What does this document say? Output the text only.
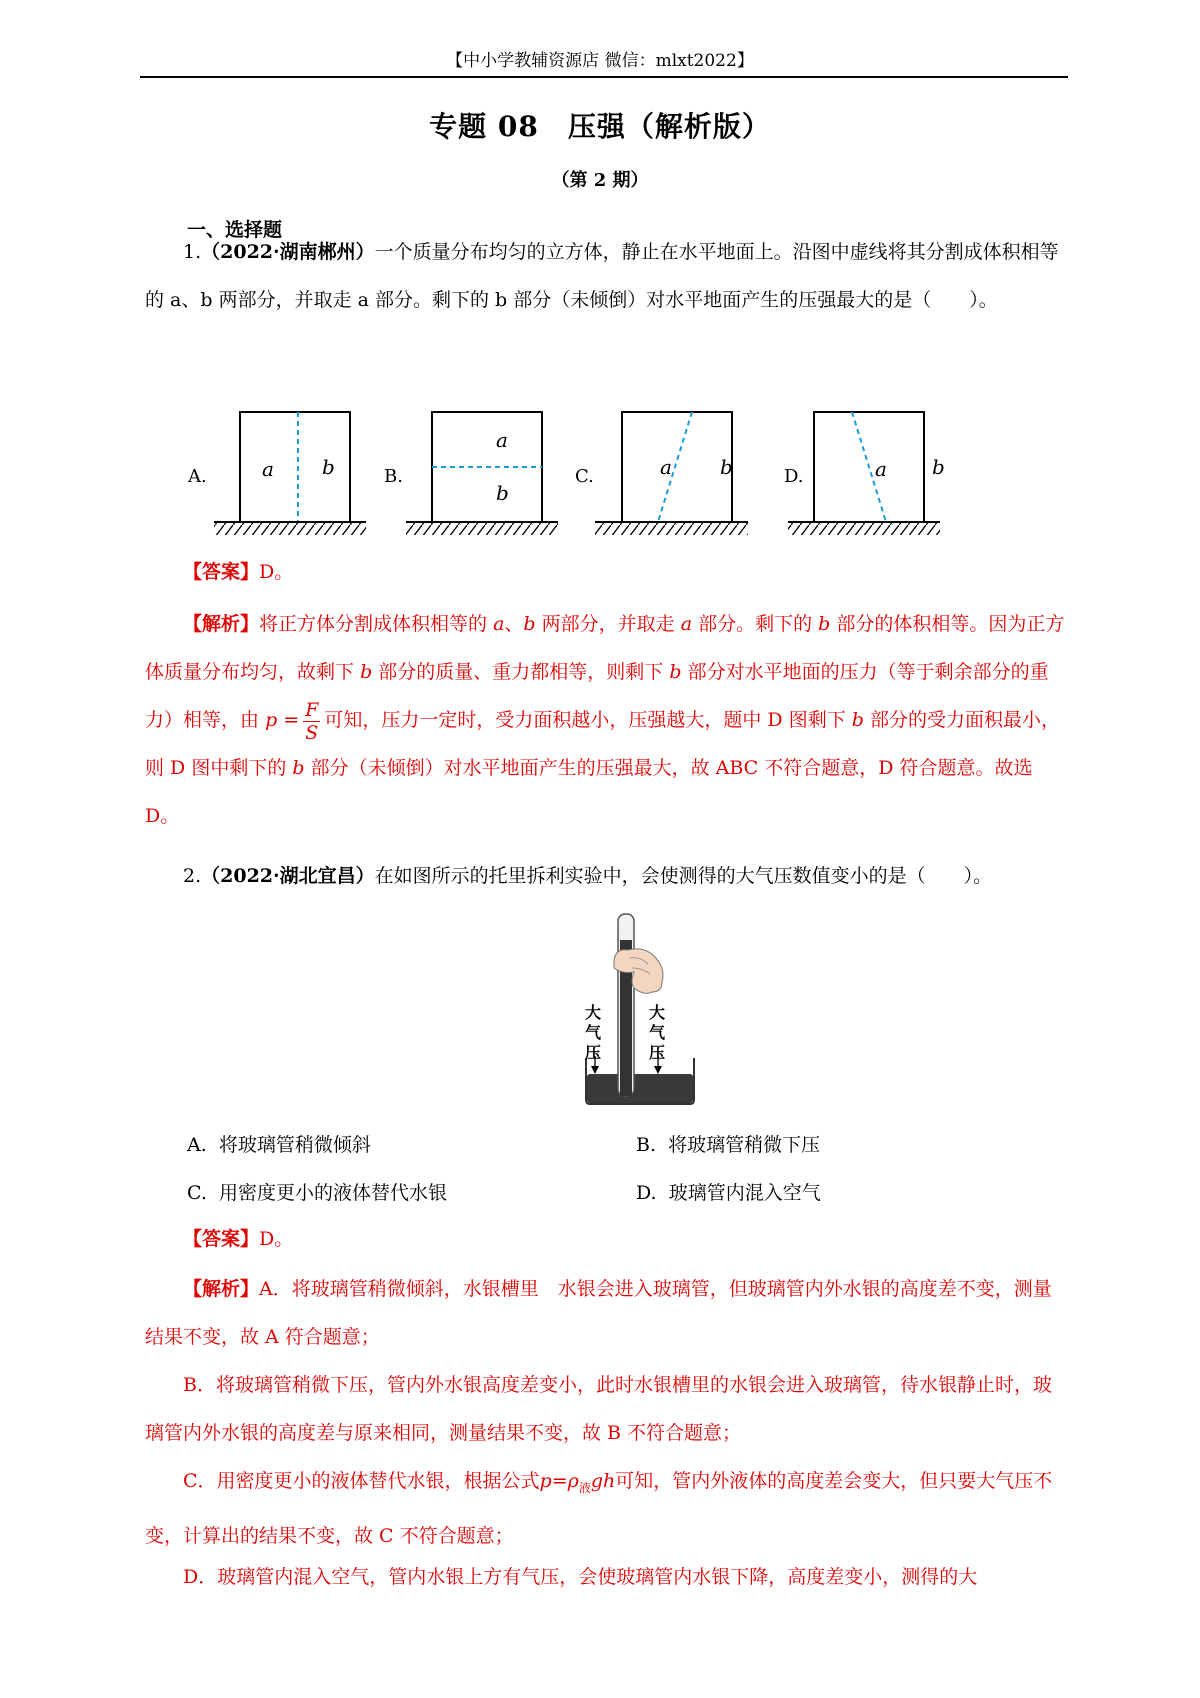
【中小学教辅资源店 微信：mlxt2022】
专题 08　压强（解析版）
（第 2 期）
一、选择题
1.（2022·湖南郴州）一个质量分布均匀的立方体，静止在水平地面上。沿图中虚线将其分割成体积相等的 a、b 两部分，并取走 a 部分。剩下的 b 部分（未倾倒）对水平地面产生的压强最大的是（　　）。
A.	a b	B.
a
b
C.	a b	D.	a b
【答案】D。
【解析】将正方体分割成体积相等的 a、b 两部分，并取走 a 部分。剩下的 b 部分的体积相等。因为正方体质量分布均匀，故剩下 b 部分的质量、重力都相等，则剩下 b 部分对水平地面的压力（等于剩余部分的重力）相等，由 $p = \frac{F}{S}$ 可知，压力一定时，受力面积越小，压强越大，题中 D 图剩下 b 部分的受力面积最小，则 D 图中剩下的 b 部分（未倾倒）对水平地面产生的压强最大，故 ABC 不符合题意，D 符合题意。故选 D。
2.（2022·湖北宜昌）在如图所示的托里拆利实验中，会使测得的大气压数值变小的是（　　）。
大气压
大气压
A. 将玻璃管稍微倾斜	B. 将玻璃管稍微下压
C. 用密度更小的液体替代水银	D. 玻璃管内混入空气
【答案】D。
【解析】A．将玻璃管稍微倾斜，水银槽里　水银会进入玻璃管，但玻璃管内外水银的高度差不变，测量结果不变，故 A 符合题意；
B．将玻璃管稍微下压，管内外水银高度差变小，此时水银槽里的水银会进入玻璃管，待水银静止时，玻璃管内外水银的高度差与原来相同，测量结果不变，故 B 不符合题意；
C．用密度更小的液体替代水银，根据公式$p=\rho_液gh$可知，管内外液体的高度差会变大，但只要大气压不变，计算出的结果不变，故 C 不符合题意；
D．玻璃管内混入空气，管内水银上方有气压，会使玻璃管内水银下降，高度差变小，测得的大
